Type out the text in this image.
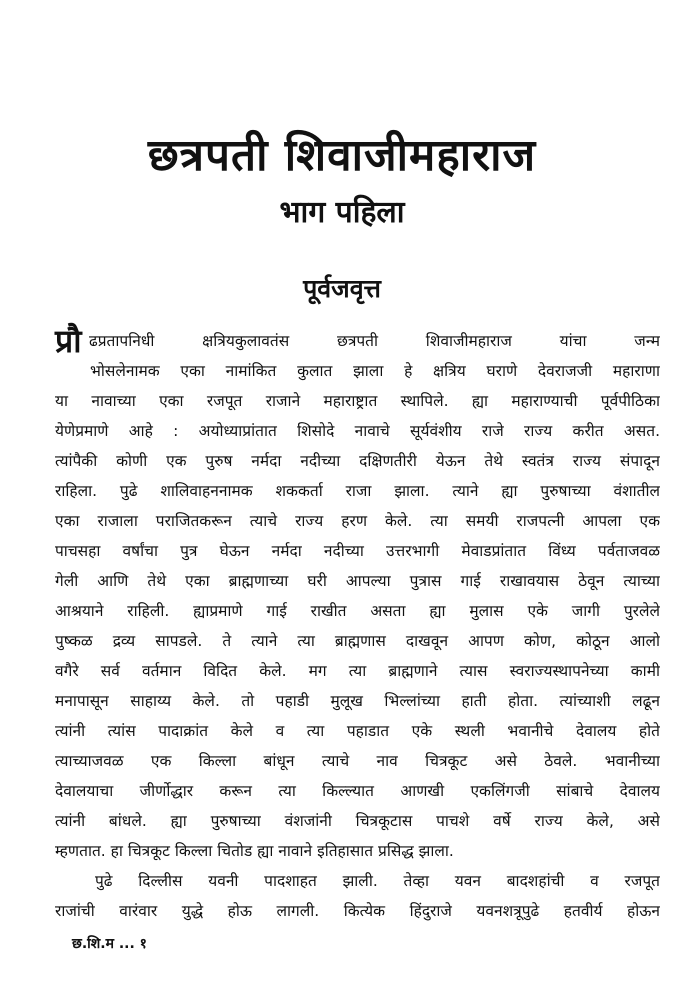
छत्रपती शिवाजीमहाराज
भाग पहिला
पूर्वजवृत्त
प्रौ ढप्रतापनिधी क्षत्रियकुलावतंस छत्रपती शिवाजीमहाराज यांचा जन्म
भोसलेनामक एका नामांकित कुलात झाला हे क्षत्रिय घराणे देवराजजी महाराणा
या नावाच्या एका रजपूत राजाने महाराष्ट्रात स्थापिले. ह्या महाराण्याची पूर्वपीठिका
येणेप्रमाणे आहे : अयोध्याप्रांतात शिसोदे नावाचे सूर्यवंशीय राजे राज्य करीत असत.
त्यांपैकी कोणी एक पुरुष नर्मदा नदीच्या दक्षिणतीरी येऊन तेथे स्वतंत्र राज्य संपादून
राहिला. पुढे शालिवाहननामक शककर्ता राजा झाला. त्याने ह्या पुरुषाच्या वंशातील
एका राजाला पराजितकरून त्याचे राज्य हरण केले. त्या समयी राजपत्नी आपला एक
पाचसहा वर्षांचा पुत्र घेऊन नर्मदा नदीच्या उत्तरभागी मेवाडप्रांतात विंध्य पर्वताजवळ
गेली आणि तेथे एका ब्राह्मणाच्या घरी आपल्या पुत्रास गाई राखावयास ठेवून त्याच्या
आश्रयाने राहिली. ह्याप्रमाणे गाई राखीत असता ह्या मुलास एके जागी पुरलेले
पुष्कळ द्रव्य सापडले. ते त्याने त्या ब्राह्मणास दाखवून आपण कोण, कोठून आलो
वगैरे सर्व वर्तमान विदित केले. मग त्या ब्राह्मणाने त्यास स्वराज्यस्थापनेच्या कामी
मनापासून साहाय्य केले. तो पहाडी मुलूख भिल्लांच्या हाती होता. त्यांच्याशी लढून
त्यांनी त्यांस पादाक्रांत केले व त्या पहाडात एके स्थली भवानीचे देवालय होते
त्याच्याजवळ एक किल्ला बांधून त्याचे नाव चित्रकूट असे ठेवले. भवानीच्या
देवालयाचा जीर्णोद्धार करून त्या किल्ल्यात आणखी एकलिंगजी सांबाचे देवालय
त्यांनी बांधले. ह्या पुरुषाच्या वंशजांनी चित्रकूटास पाचशे वर्षे राज्य केले, असे
म्हणतात. हा चित्रकूट किल्ला चितोड ह्या नावाने इतिहासात प्रसिद्ध झाला.
पुढे दिल्लीस यवनी पादशाहत झाली. तेव्हा यवन बादशहांची व रजपूत
राजांची वारंवार युद्धे होऊ लागली. कित्येक हिंदुराजे यवनशत्रूपुढे हतवीर्य होऊन
छ.शि.म ... १
